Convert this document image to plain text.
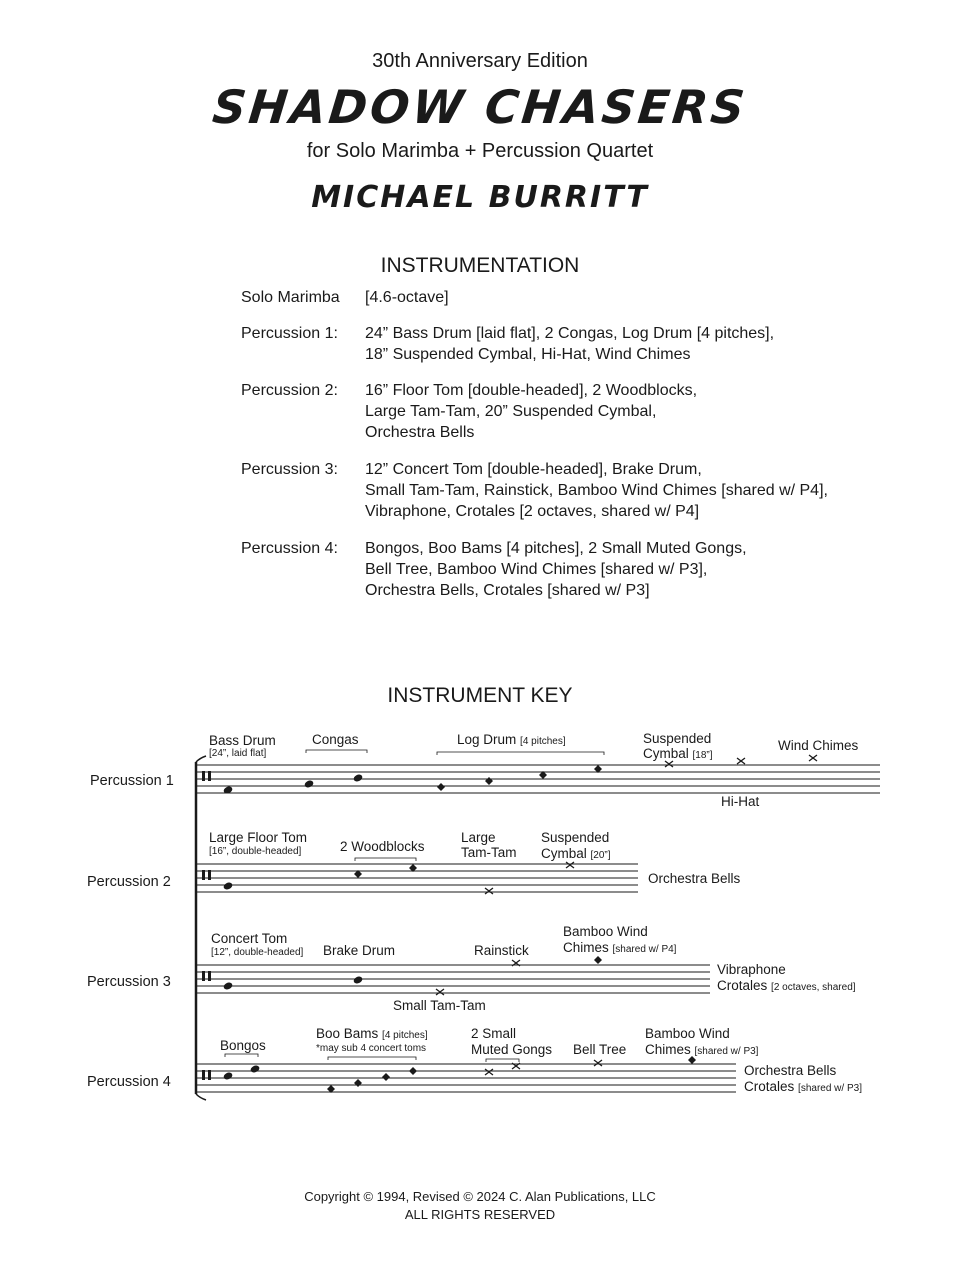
30th Anniversary Edition
SHADOW CHASERS
for Solo Marimba + Percussion Quartet
MICHAEL BURRITT
INSTRUMENTATION
Solo Marimba [4.6-octave]
Percussion 1: 24” Bass Drum [laid flat], 2 Congas, Log Drum [4 pitches],
18” Suspended Cymbal, Hi-Hat, Wind Chimes
Percussion 2: 16” Floor Tom [double-headed], 2 Woodblocks,
Large Tam-Tam, 20” Suspended Cymbal,
Orchestra Bells
Percussion 3: 12” Concert Tom [double-headed], Brake Drum,
Small Tam-Tam, Rainstick, Bamboo Wind Chimes [shared w/ P4],
Vibraphone, Crotales [2 octaves, shared w/ P4]
Percussion 4: Bongos, Boo Bams [4 pitches], 2 Small Muted Gongs,
Bell Tree, Bamboo Wind Chimes [shared w/ P3],
Orchestra Bells, Crotales [shared w/ P3]
INSTRUMENT KEY
Percussion 1
Bass Drum
[24”, laid flat]
Congas	Log Drum [4 pitches]	Suspended
Cymbal [18”]
Wind Chimes
Hi-Hat
Percussion 2
Large Floor Tom
[16”, double-headed]	2 Woodblocks
Large
Tam-Tam
Suspended
Cymbal [20”]
Orchestra Bells
Percussion 3
Concert Tom
[12”, double-headed] Brake Drum
Small Tam-Tam
Rainstick
Bamboo Wind
Chimes [shared w/ P4]
Vibraphone
Crotales [2 octaves, shared]
Percussion 4
Bongos
Boo Bams [4 pitches]
*may sub 4 concert toms
2 Small
Muted Gongs Bell Tree
Bamboo Wind
Chimes [shared w/ P3]
Orchestra Bells
Crotales [shared w/ P3]
Copyright © 1994, Revised © 2024 C. Alan Publications, LLC
ALL RIGHTS RESERVED
